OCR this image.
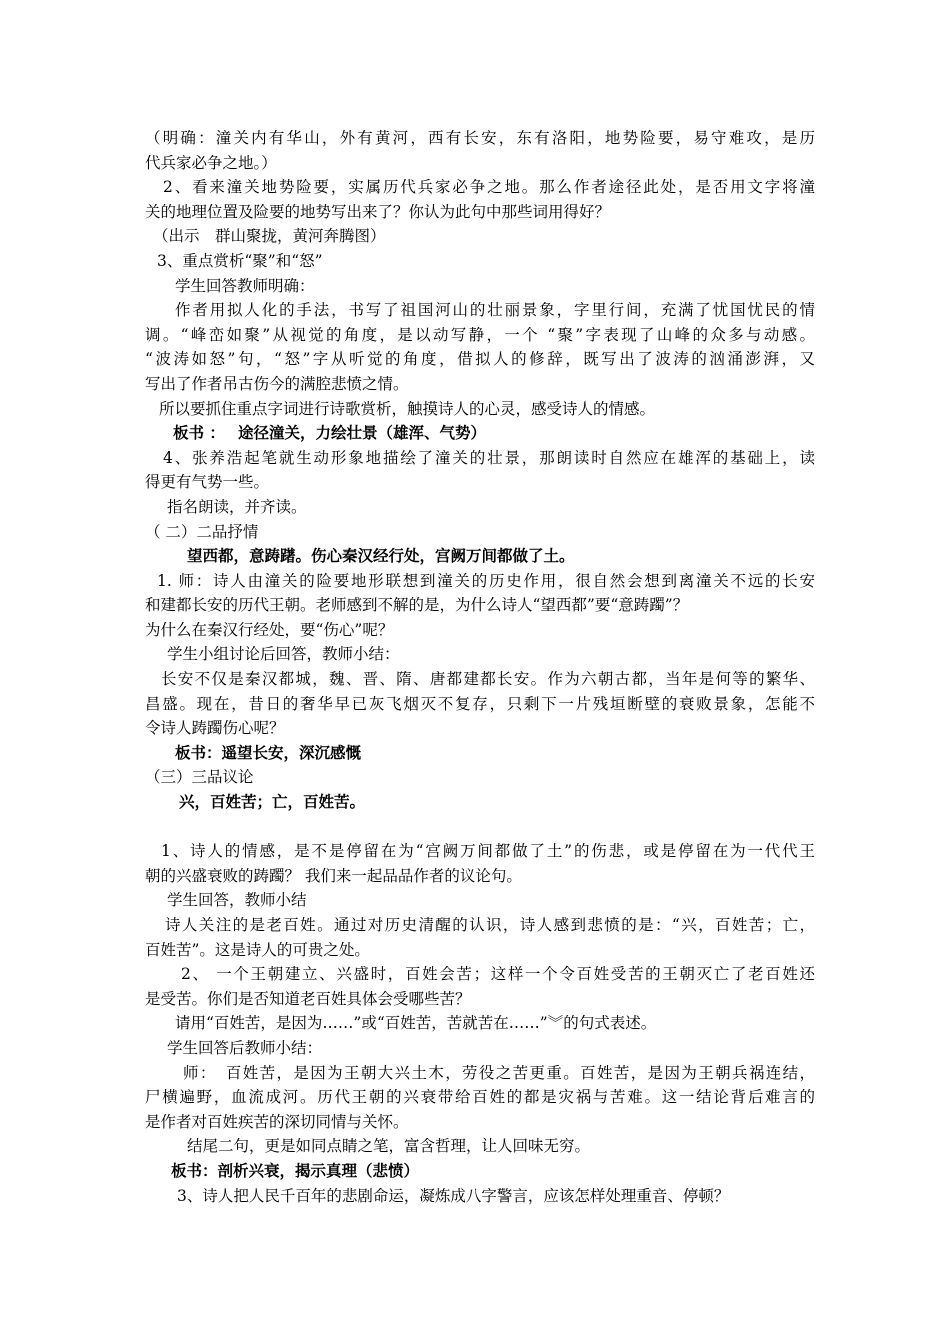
（明确：潼关内有华山，外有黄河，西有长安，东有洛阳，地势险要，易守难攻，是历
代兵家必争之地。）
2、看来潼关地势险要，实属历代兵家必争之地。那么作者途径此处，是否用文字将潼
关的地理位置及险要的地势写出来了？你认为此句中那些词用得好？
（出示　群山聚拢，黄河奔腾图）
3、重点赏析“聚”和“怒”
学生回答教师明确：
作者用拟人化的手法，书写了祖国河山的壮丽景象，字里行间，充满了忧国忧民的情
调。“峰峦如聚”从视觉的角度，是以动写静，一个 “聚”字表现了山峰的众多与动感。
“波涛如怒”句，“怒”字从听觉的角度，借拟人的修辞，既写出了波涛的汹涌澎湃，又
写出了作者吊古伤今的满腔悲愤之情。
所以要抓住重点字词进行诗歌赏析，触摸诗人的心灵，感受诗人的情感。
板书 ：　 途径潼关，力绘壮景（雄浑、气势）
4、张养浩起笔就生动形象地描绘了潼关的壮景，那朗读时自然应在雄浑的基础上，读
得更有气势一些。
指名朗读，并齐读。
（ 二）二品抒情
望西都，意踌躇。伤心秦汉经行处，宫阙万间都做了土。
1. 师：诗人由潼关的险要地形联想到潼关的历史作用，很自然会想到离潼关不远的长安
和建都长安的历代王朝。老师感到不解的是，为什么诗人“望西都”要“意踌躅”？
为什么在秦汉行经处，要“伤心”呢？
学生小组讨论后回答，教师小结：
长安不仅是秦汉都城，魏、晋、隋、唐都建都长安。作为六朝古都，当年是何等的繁华、
昌盛。现在，昔日的奢华早已灰飞烟灭不复存，只剩下一片残垣断壁的衰败景象，怎能不
令诗人踌躅伤心呢？
板书：遥望长安，深沉感慨
（三）三品议论
兴，百姓苦；亡，百姓苦。
1、诗人的情感，是不是停留在为“宫阙万间都做了土”的伤悲，或是停留在为一代代王
朝的兴盛衰败的踌躅？ 我们来一起品品作者的议论句。
学生回答，教师小结
诗人关注的是老百姓。通过对历史清醒的认识，诗人感到悲愤的是：“兴，百姓苦；亡，
百姓苦”。这是诗人的可贵之处。
2、 一个王朝建立、兴盛时，百姓会苦；这样一个令百姓受苦的王朝灭亡了老百姓还
是受苦。你们是否知道老百姓具体会受哪些苦？
请用“百姓苦，是因为……”或“百姓苦，苦就苦在……”︾的句式表述。
学生回答后教师小结：
师：　百姓苦，是因为王朝大兴土木，劳役之苦更重。百姓苦，是因为王朝兵祸连结，
尸横遍野，血流成河。历代王朝的兴衰带给百姓的都是灾祸与苦难。这一结论背后难言的
是作者对百姓疾苦的深切同情与关怀。
结尾二句，更是如同点睛之笔，富含哲理，让人回味无穷。
板书：剖析兴衰，揭示真理（悲愤）
3、诗人把人民千百年的悲剧命运，凝炼成八字警言，应该怎样处理重音、停顿？
